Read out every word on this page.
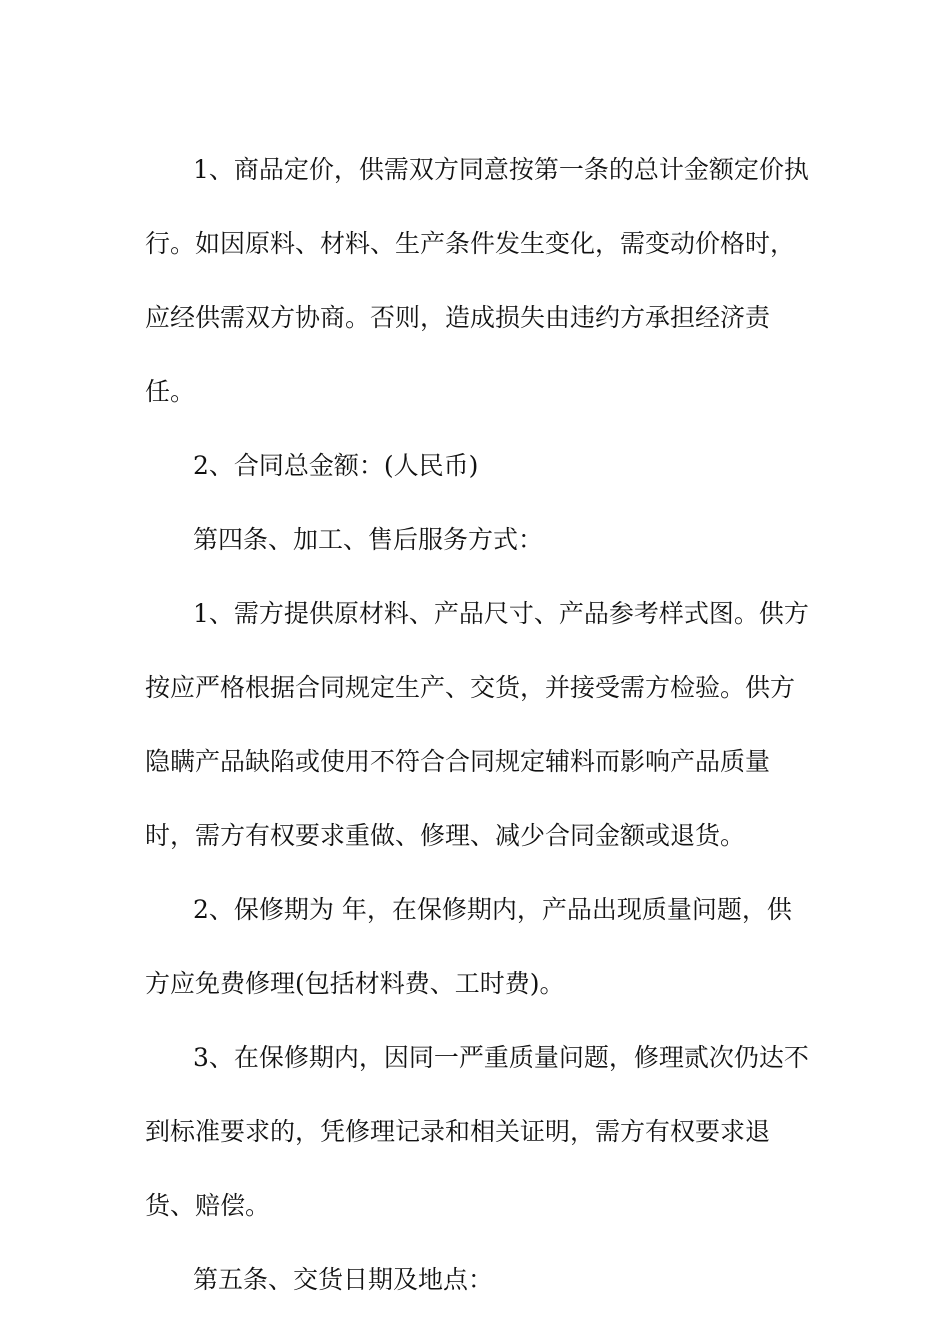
1、商品定价，供需双方同意按第一条的总计金额定价执行。如因原料、材料、生产条件发生变化，需变动价格时，应经供需双方协商。否则，造成损失由违约方承担经济责任。

2、合同总金额：(人民币)

第四条、加工、售后服务方式：

1、需方提供原材料、产品尺寸、产品参考样式图。供方按应严格根据合同规定生产、交货，并接受需方检验。供方隐瞒产品缺陷或使用不符合合同规定辅料而影响产品质量时，需方有权要求重做、修理、减少合同金额或退货。

2、保修期为 年，在保修期内，产品出现质量问题，供方应免费修理(包括材料费、工时费)。

3、在保修期内，因同一严重质量问题，修理贰次仍达不到标准要求的，凭修理记录和相关证明，需方有权要求退货、赔偿。

第五条、交货日期及地点：
